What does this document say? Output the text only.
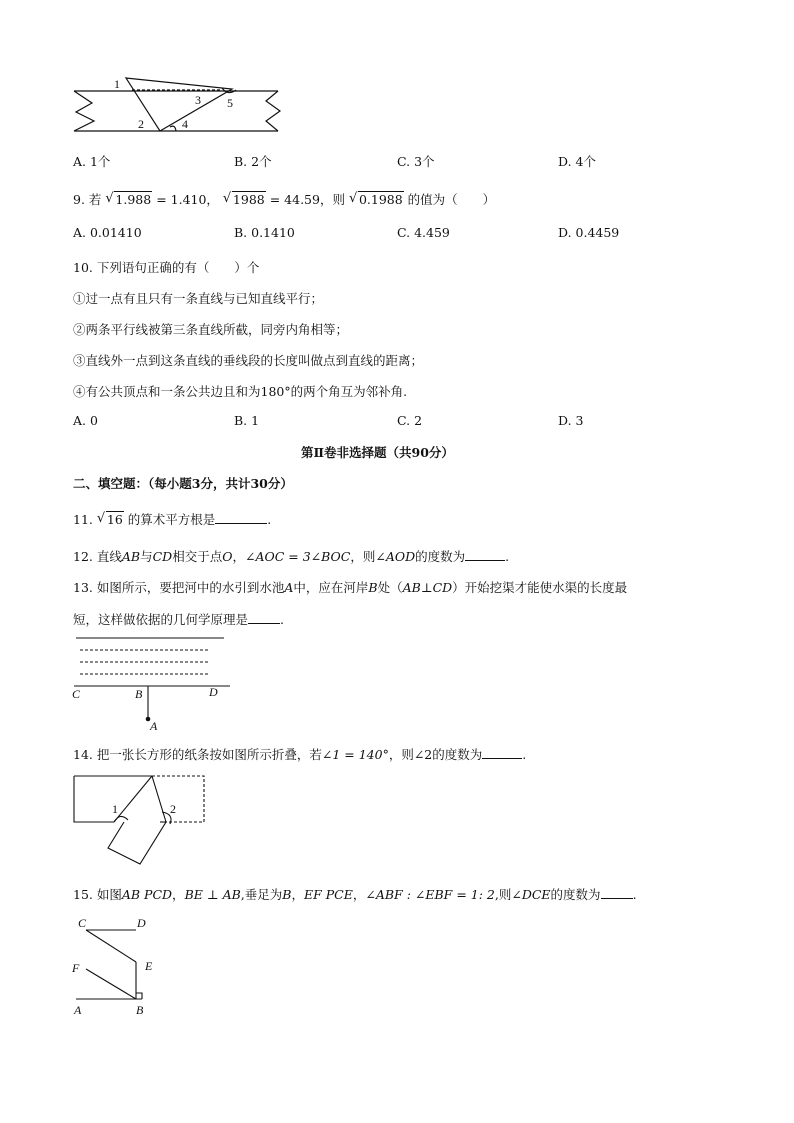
1
2
3
4
5
A. 1个	B. 2个	C. 3个	D. 4个
9. 若 √ 1.988 = 1.410， √ 1988 = 44.59，则 √ 0.1988 的值为（　　）
A. 0.01410	B. 0.1410	C. 4.459	D. 0.4459
10. 下列语句正确的有（　　）个
①过一点有且只有一条直线与已知直线平行；
②两条平行线被第三条直线所截，同旁内角相等；
③直线外一点到这条直线的垂线段的长度叫做点到直线的距离；
④有公共顶点和一条公共边且和为180°的两个角互为邻补角.
A. 0	B. 1	C. 2	D. 3
第Ⅱ卷非选择题（共90分）
二、填空题：（每小题3分，共计30分）
11. √ 16 的算术平方根是	.
12. 直线AB与CD相交于点O，∠AOC = 3∠BOC，则∠AOD的度数为	.
13. 如图所示，要把河中的水引到水池A中，应在河岸B处（AB⊥CD）开始挖渠才能使水渠的长度最
短，这样做依据的几何学原理是	.
C	B	D
A
14. 把一张长方形的纸条按如图所示折叠，若∠1 = 140°，则∠2的度数为	.
1	2
15. 如图AB PCD，BE ⊥ AB,垂足为B，EF PCE，∠ABF : ∠EBF = 1: 2,则∠DCE的度数为	.
C	D
F	E
A	B
